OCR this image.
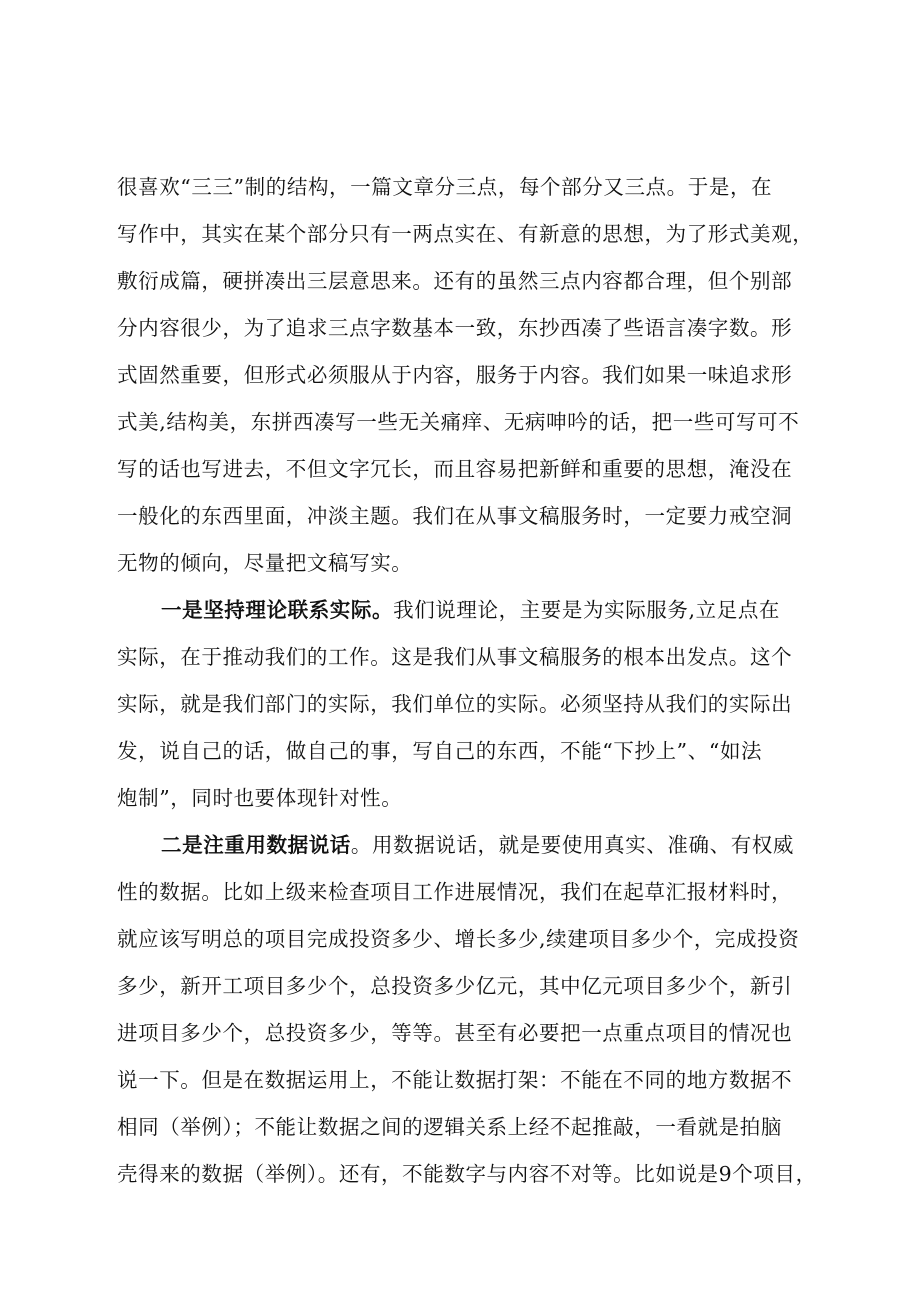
很喜欢“三三”制的结构，一篇文章分三点，每个部分又三点。于是，在
写作中，其实在某个部分只有一两点实在、有新意的思想，为了形式美观，
敷衍成篇，硬拼凑出三层意思来。还有的虽然三点内容都合理，但个别部
分内容很少，为了追求三点字数基本一致，东抄西凑了些语言凑字数。形
式固然重要，但形式必须服从于内容，服务于内容。我们如果一味追求形
式美,结构美，东拼西凑写一些无关痛痒、无病呻吟的话，把一些可写可不
写的话也写进去，不但文字冗长，而且容易把新鲜和重要的思想，淹没在
一般化的东西里面，冲淡主题。我们在从事文稿服务时，一定要力戒空洞
无物的倾向，尽量把文稿写实。
一是坚持理论联系实际。我们说理论，主要是为实际服务,立足点在
实际，在于推动我们的工作。这是我们从事文稿服务的根本出发点。这个
实际，就是我们部门的实际，我们单位的实际。必须坚持从我们的实际出
发，说自己的话，做自己的事，写自己的东西，不能“下抄上”、“如法
炮制”，同时也要体现针对性。
二是注重用数据说话。用数据说话，就是要使用真实、准确、有权威
性的数据。比如上级来检查项目工作进展情况，我们在起草汇报材料时，
就应该写明总的项目完成投资多少、增长多少,续建项目多少个，完成投资
多少，新开工项目多少个，总投资多少亿元，其中亿元项目多少个，新引
进项目多少个，总投资多少，等等。甚至有必要把一点重点项目的情况也
说一下。但是在数据运用上，不能让数据打架：不能在不同的地方数据不
相同（举例）；不能让数据之间的逻辑关系上经不起推敲，一看就是拍脑
壳得来的数据（举例）。还有，不能数字与内容不对等。比如说是9个项目，
